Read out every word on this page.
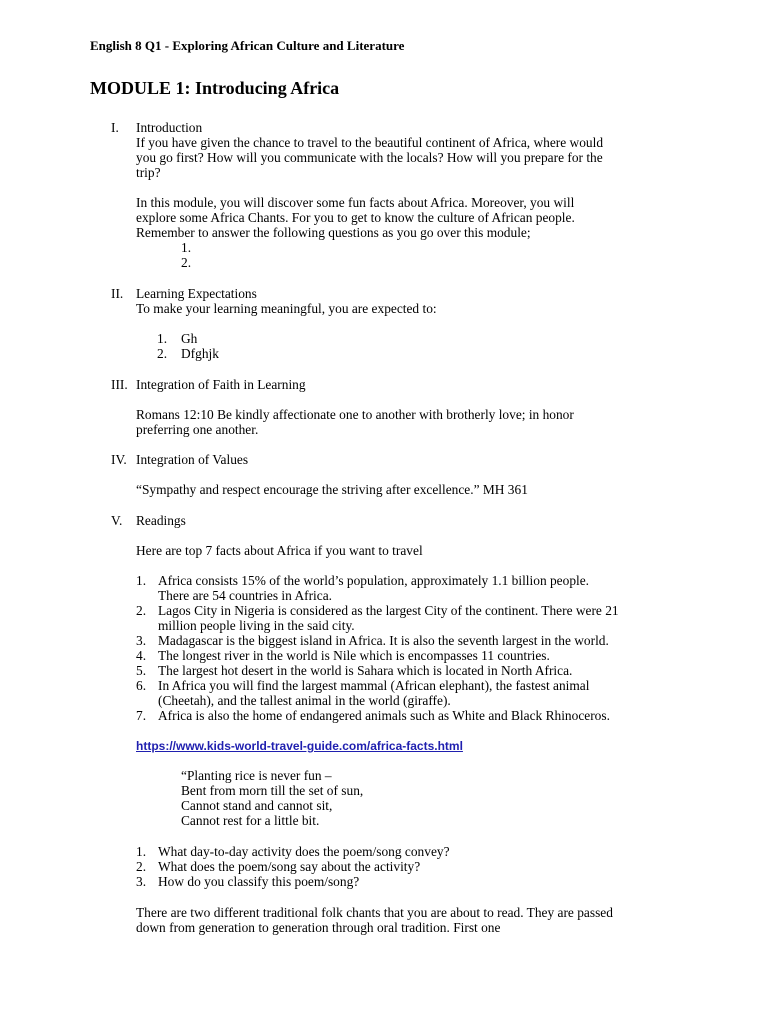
English 8 Q1 - Exploring African Culture and Literature
MODULE 1: Introducing Africa
I. Introduction

If you have given the chance to travel to the beautiful continent of Africa, where would

you go first? How will you communicate with the locals? How will you prepare for the

trip?

In this module, you will discover some fun facts about Africa. Moreover, you will

explore some Africa Chants. For you to get to know the culture of African people.

Remember to answer the following questions as you go over this module;

1.

2.

II. Learning Expectations

To make your learning meaningful, you are expected to:

1. Gh
2. Dfghjk
III. Integration of Faith in Learning

Romans 12:10 Be kindly affectionate one to another with brotherly love; in honor

preferring one another.

IV. Integration of Values

“Sympathy and respect encourage the striving after excellence.” MH 361

V. Readings

Here are top 7 facts about Africa if you want to travel

1. Africa consists 15% of the world’s population, approximately 1.1 billion people.

There are 54 countries in Africa.

2. Lagos City in Nigeria is considered as the largest City of the continent. There were 21

million people living in the said city.

3. Madagascar is the biggest island in Africa. It is also the seventh largest in the world.

4. The longest river in the world is Nile which is encompasses 11 countries.

5. The largest hot desert in the world is Sahara which is located in North Africa.

6. In Africa you will find the largest mammal (African elephant), the fastest animal

(Cheetah), and the tallest animal in the world (giraffe).

7. Africa is also the home of endangered animals such as White and Black Rhinoceros.

https://www.kids-world-travel-guide.com/africa-facts.html
“Planting rice is never fun –
Bent from morn till the set of sun,
Cannot stand and cannot sit,
Cannot rest for a little bit.
1. What day-to-day activity does the poem/song convey?

2. What does the poem/song say about the activity?

3. How do you classify this poem/song?

There are two different traditional folk chants that you are about to read. They are passed

down from generation to generation through oral tradition. First one
